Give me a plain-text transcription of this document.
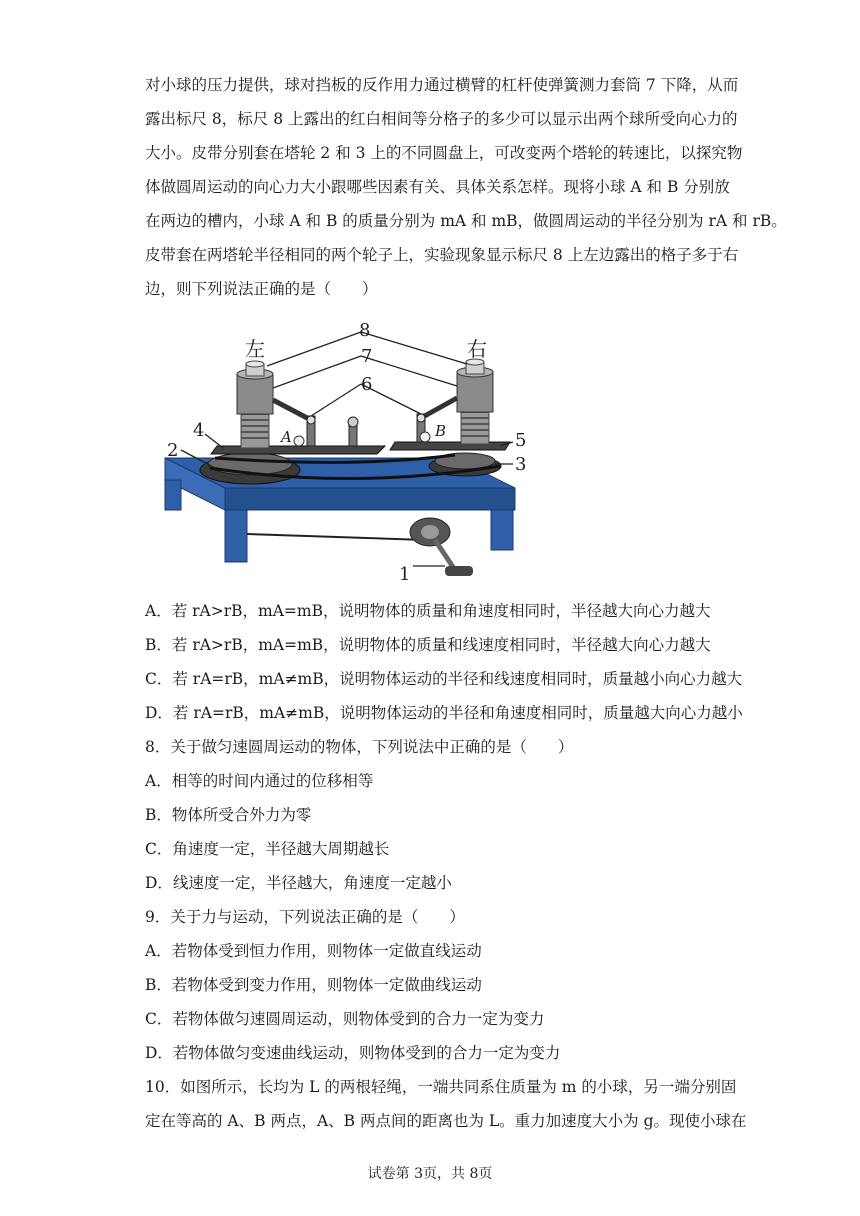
对小球的压力提供，球对挡板的反作用力通过横臂的杠杆使弹簧测力套筒 7 下降，从而
露出标尺 8，标尺 8 上露出的红白相间等分格子的多少可以显示出两个球所受向心力的
大小。皮带分别套在塔轮 2 和 3 上的不同圆盘上，可改变两个塔轮的转速比，以探究物
体做圆周运动的向心力大小跟哪些因素有关、具体关系怎样。现将小球 A 和 B 分别放
在两边的槽内，小球 A 和 B 的质量分别为 mA 和 mB，做圆周运动的半径分别为 rA 和 rB。
皮带套在两塔轮半径相同的两个轮子上，实验现象显示标尺 8 上左边露出的格子多于右
边，则下列说法正确的是（　　）
左	右
8
7
6
4
2	5
3
1
A	B
A．若 rA>rB，mA=mB，说明物体的质量和角速度相同时，半径越大向心力越大
B．若 rA>rB，mA=mB，说明物体的质量和线速度相同时，半径越大向心力越大
C．若 rA=rB，mA≠mB，说明物体运动的半径和线速度相同时，质量越小向心力越大
D．若 rA=rB，mA≠mB，说明物体运动的半径和角速度相同时，质量越大向心力越小
8．关于做匀速圆周运动的物体，下列说法中正确的是（　　）
A．相等的时间内通过的位移相等
B．物体所受合外力为零
C．角速度一定，半径越大周期越长
D．线速度一定，半径越大，角速度一定越小
9．关于力与运动，下列说法正确的是（　　）
A．若物体受到恒力作用，则物体一定做直线运动
B．若物体受到变力作用，则物体一定做曲线运动
C．若物体做匀速圆周运动，则物体受到的合力一定为变力
D．若物体做匀变速曲线运动，则物体受到的合力一定为变力
10．如图所示，长均为 L 的两根轻绳，一端共同系住质量为 m 的小球，另一端分别固
定在等高的 A、B 两点，A、B 两点间的距离也为 L。重力加速度大小为 g。现使小球在
试卷第 3页，共 8页
